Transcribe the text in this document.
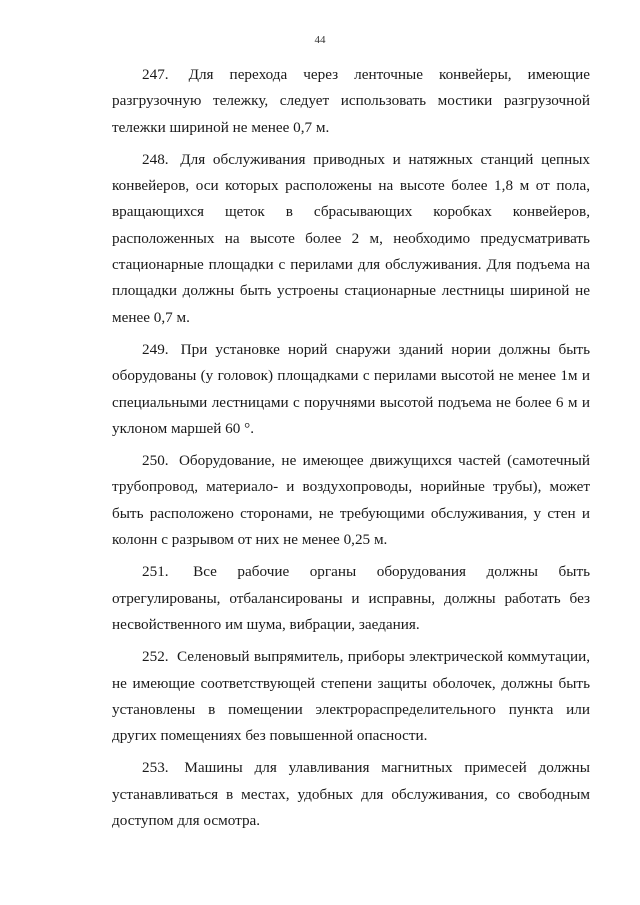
44

247. Для перехода через ленточные конвейеры, имеющие разгрузочную тележку, следует использовать мостики разгрузочной тележки шириной не менее 0,7 м.

248. Для обслуживания приводных и натяжных станций цепных конвейеров, оси которых расположены на высоте более 1,8 м от пола, вращающихся щеток в сбрасывающих коробках конвейеров, расположенных на высоте более 2 м, необходимо предусматривать стационарные площадки с перилами для обслуживания. Для подъема на площадки должны быть устроены стационарные лестницы шириной не менее 0,7 м.

249. При установке норий снаружи зданий нории должны быть оборудованы (у головок) площадками с перилами высотой не менее 1м и специальными лестницами с поручнями высотой подъема не более 6 м и уклоном маршей 60 °.

250. Оборудование, не имеющее движущихся частей (самотечный трубопровод, материало- и воздухопроводы, норийные трубы), может быть расположено сторонами, не требующими обслуживания, у стен и колонн с разрывом от них не менее 0,25 м.

251. Все рабочие органы оборудования должны быть отрегулированы, отбалансированы и исправны, должны работать без несвойственного им шума, вибрации, заедания.

252. Селеновый выпрямитель, приборы электрической коммутации, не имеющие соответствующей степени защиты оболочек, должны быть установлены в помещении электрораспределительного пункта или других помещениях без повышенной опасности.

253. Машины для улавливания магнитных примесей должны устанавливаться в местах, удобных для обслуживания, со свободным доступом для осмотра.
